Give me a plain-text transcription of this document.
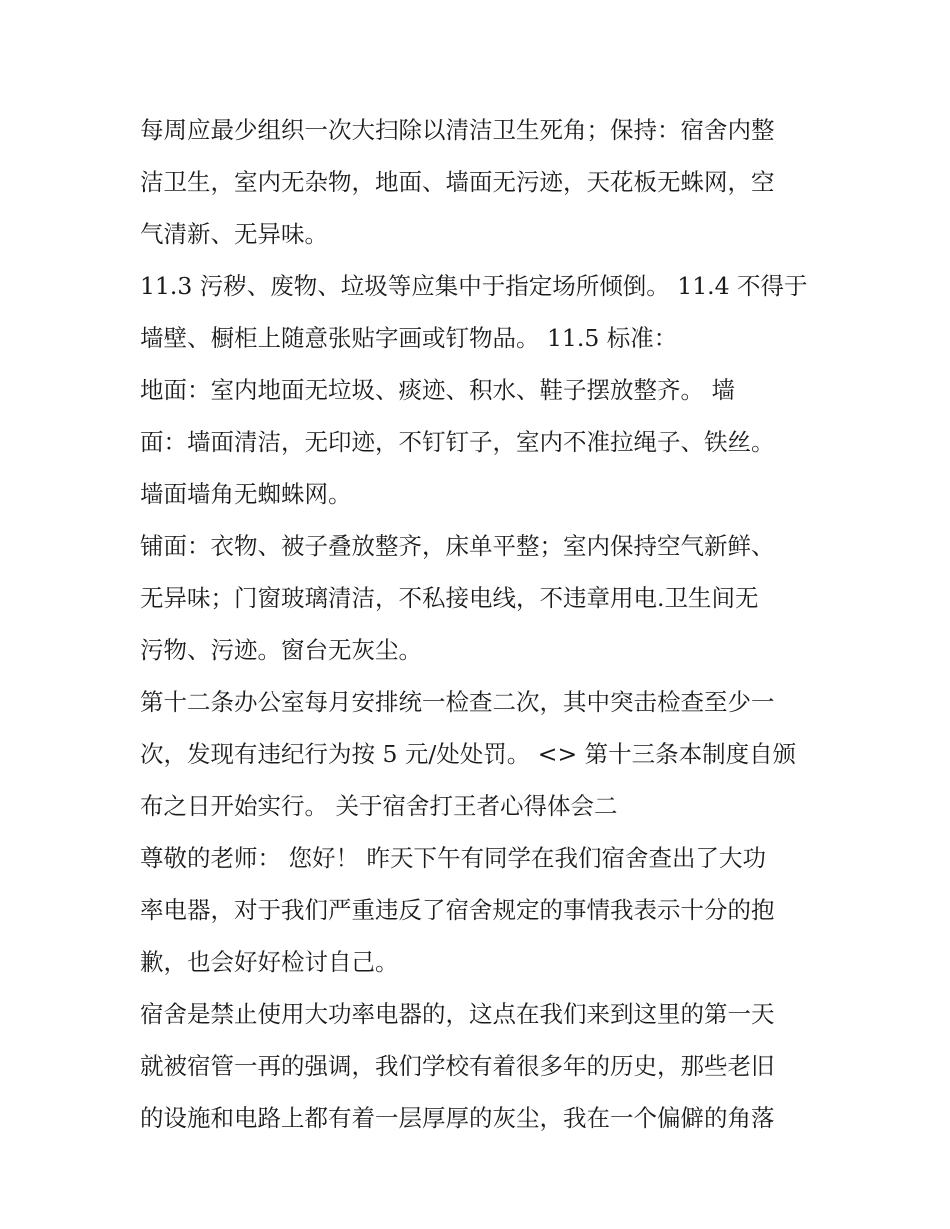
每周应最少组织一次大扫除以清洁卫生死角；保持：宿舍内整
洁卫生，室内无杂物，地面、墙面无污迹，天花板无蛛网，空
气清新、无异味。
11.3 污秽、废物、垃圾等应集中于指定场所倾倒。 11.4 不得于
墙壁、橱柜上随意张贴字画或钉物品。 11.5 标准：
地面：室内地面无垃圾、痰迹、积水、鞋子摆放整齐。 墙
面：墙面清洁，无印迹，不钉钉子，室内不准拉绳子、铁丝。
墙面墙角无蜘蛛网。
铺面：衣物、被子叠放整齐，床单平整；室内保持空气新鲜、
无异味；门窗玻璃清洁，不私接电线，不违章用电.卫生间无
污物、污迹。窗台无灰尘。
第十二条办公室每月安排统一检查二次，其中突击检查至少一
次，发现有违纪行为按 5 元/处处罚。 <> 第十三条本制度自颁
布之日开始实行。 关于宿舍打王者心得体会二
尊敬的老师： 您好！ 昨天下午有同学在我们宿舍查出了大功
率电器，对于我们严重违反了宿舍规定的事情我表示十分的抱
歉，也会好好检讨自己。
宿舍是禁止使用大功率电器的，这点在我们来到这里的第一天
就被宿管一再的强调，我们学校有着很多年的历史，那些老旧
的设施和电路上都有着一层厚厚的灰尘，我在一个偏僻的角落
